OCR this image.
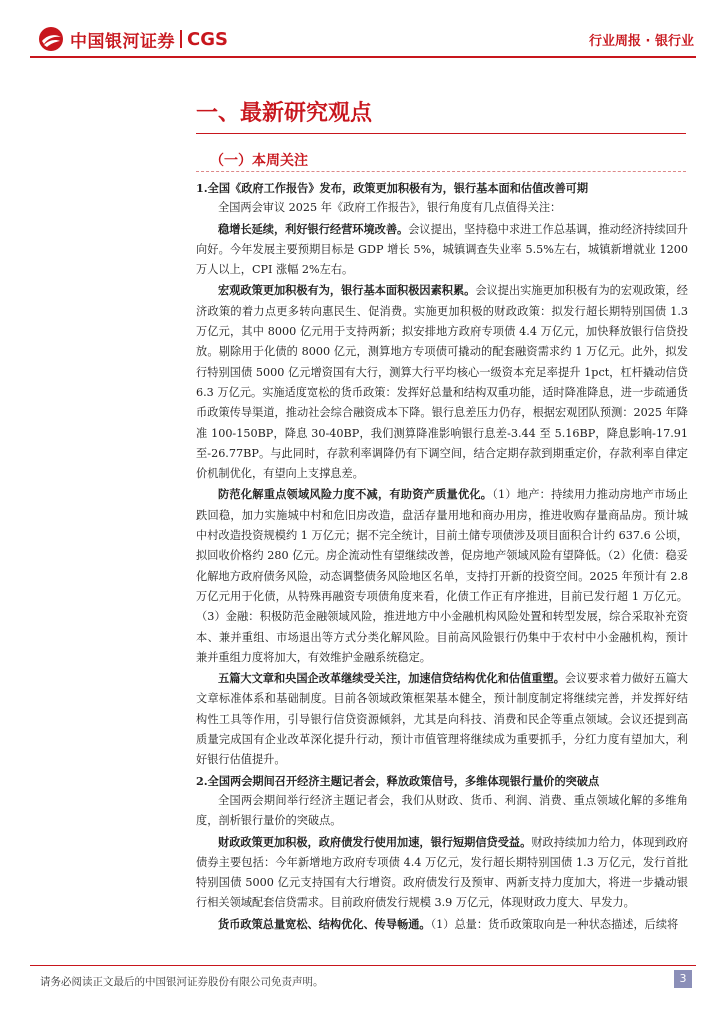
中国银河证券 CGS	行业周报 · 银行业
一、最新研究观点
（一）本周关注

1.全国《政府工作报告》发布，政策更加积极有为，银行基本面和估值改善可期

全国两会审议 2025 年《政府工作报告》，银行角度有几点值得关注：

稳增长延续，利好银行经营环境改善。会议提出，坚持稳中求进工作总基调，推动经济持续回升向好。今年发展主要预期目标是 GDP 增长 5%，城镇调查失业率 5.5%左右，城镇新增就业 1200 万人以上，CPI 涨幅 2%左右。

宏观政策更加积极有为，银行基本面积极因素积累。会议提出实施更加积极有为的宏观政策，经济政策的着力点更多转向惠民生、促消费。实施更加积极的财政政策：拟发行超长期特别国债 1.3 万亿元，其中 8000 亿元用于支持两新；拟安排地方政府专项债 4.4 万亿元，加快释放银行信贷投放。剔除用于化债的 8000 亿元，测算地方专项债可撬动的配套融资需求约 1 万亿元。此外，拟发行特别国债 5000 亿元增资国有大行，测算大行平均核心一级资本充足率提升 1pct，杠杆撬动信贷 6.3 万亿元。实施适度宽松的货币政策：发挥好总量和结构双重功能，适时降准降息，进一步疏通货币政策传导渠道，推动社会综合融资成本下降。银行息差压力仍存，根据宏观团队预测：2025 年降准 100-150BP，降息 30-40BP，我们测算降准影响银行息差-3.44 至 5.16BP，降息影响-17.91 至-26.77BP。与此同时，存款利率调降仍有下调空间，结合定期存款到期重定价，存款利率自律定价机制优化，有望向上支撑息差。

防范化解重点领域风险力度不减，有助资产质量优化。（1）地产：持续用力推动房地产市场止跌回稳，加力实施城中村和危旧房改造，盘活存量用地和商办用房，推进收购存量商品房。预计城中村改造投资规模约 1 万亿元；据不完全统计，目前土储专项债涉及项目面积合计约 637.6 公顷，拟回收价格约 280 亿元。房企流动性有望继续改善，促房地产领域风险有望降低。（2）化债：稳妥化解地方政府债务风险，动态调整债务风险地区名单，支持打开新的投资空间。2025 年预计有 2.8 万亿元用于化债，从特殊再融资专项债角度来看，化债工作正有序推进，目前已发行超 1 万亿元。（3）金融：积极防范金融领域风险，推进地方中小金融机构风险处置和转型发展，综合采取补充资本、兼并重组、市场退出等方式分类化解风险。目前高风险银行仍集中于农村中小金融机构，预计兼并重组力度将加大，有效维护金融系统稳定。

五篇大文章和央国企改革继续受关注，加速信贷结构优化和估值重塑。会议要求着力做好五篇大文章标准体系和基础制度。目前各领域政策框架基本健全，预计制度制定将继续完善，并发挥好结构性工具等作用，引导银行信贷资源倾斜，尤其是向科技、消费和民企等重点领域。会议还提到高质量完成国有企业改革深化提升行动，预计市值管理将继续成为重要抓手，分红力度有望加大，利好银行估值提升。

2.全国两会期间召开经济主题记者会，释放政策信号，多维体现银行量价的突破点

全国两会期间举行经济主题记者会，我们从财政、货币、利润、消费、重点领域化解的多维角度，剖析银行量价的突破点。

财政政策更加积极，政府债发行使用加速，银行短期信贷受益。财政持续加力给力，体现到政府债券主要包括：今年新增地方政府专项债 4.4 万亿元，发行超长期特别国债 1.3 万亿元，发行首批特别国债 5000 亿元支持国有大行增资。政府债发行及预审、两新支持力度加大，将进一步撬动银行相关领域配套信贷需求。目前政府债发行规模 3.9 万亿元，体现财政力度大、早发力。

货币政策总量宽松、结构优化、传导畅通。（1）总量：货币政策取向是一种状态描述，后续将

请务必阅读正文最后的中国银河证券股份有限公司免责声明。	3
